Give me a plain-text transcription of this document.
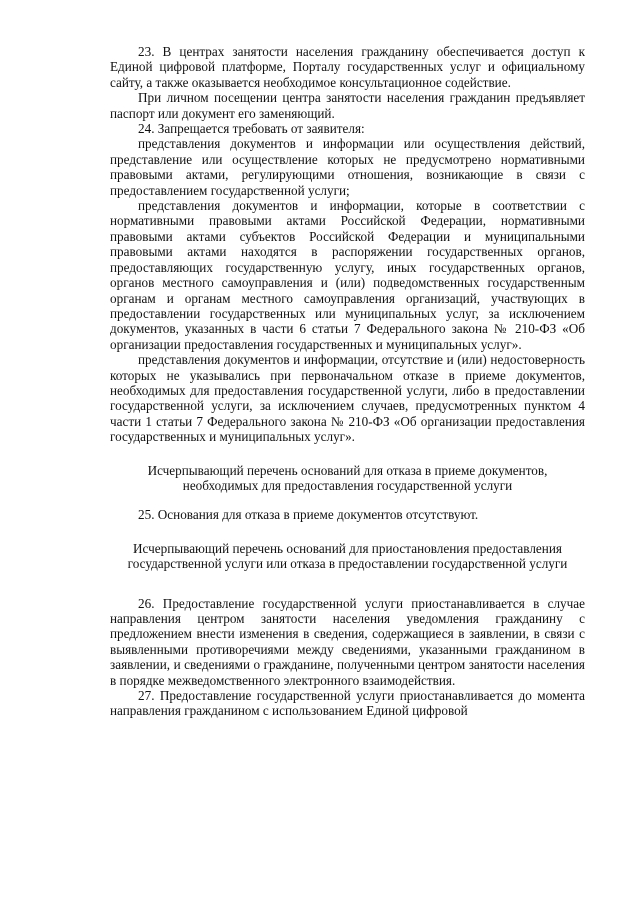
23. В центрах занятости населения гражданину обеспечивается доступ к Единой цифровой платформе, Порталу государственных услуг и официальному сайту, а также оказывается необходимое консультационное содействие.

При личном посещении центра занятости населения гражданин предъявляет паспорт или документ его заменяющий.

24. Запрещается требовать от заявителя:

представления документов и информации или осуществления действий, представление или осуществление которых не предусмотрено нормативными правовыми актами, регулирующими отношения, возникающие в связи с предоставлением государственной услуги;

представления документов и информации, которые в соответствии с нормативными правовыми актами Российской Федерации, нормативными правовыми актами субъектов Российской Федерации и муниципальными правовыми актами находятся в распоряжении государственных органов, предоставляющих государственную услугу, иных государственных органов, органов местного самоуправления и (или) подведомственных государственным органам и органам местного самоуправления организаций, участвующих в предоставлении государственных или муниципальных услуг, за исключением документов, указанных в части 6 статьи 7 Федерального закона № 210-ФЗ «Об организации предоставления государственных и муниципальных услуг».

представления документов и информации, отсутствие и (или) недостоверность которых не указывались при первоначальном отказе в приеме документов, необходимых для предоставления государственной услуги, либо в предоставлении государственной услуги, за исключением случаев, предусмотренных пунктом 4 части 1 статьи 7 Федерального закона № 210-ФЗ «Об организации предоставления государственных и муниципальных услуг».

Исчерпывающий перечень оснований для отказа в приеме документов, необходимых для предоставления государственной услуги

25. Основания для отказа в приеме документов отсутствуют.

Исчерпывающий перечень оснований для приостановления предоставления государственной услуги или отказа в предоставлении государственной услуги

26. Предоставление государственной услуги приостанавливается в случае направления центром занятости населения уведомления гражданину с предложением внести изменения в сведения, содержащиеся в заявлении, в связи с выявленными противоречиями между сведениями, указанными гражданином в заявлении, и сведениями о гражданине, полученными центром занятости населения в порядке межведомственного электронного взаимодействия.

27. Предоставление государственной услуги приостанавливается до момента направления гражданином с использованием Единой цифровой
